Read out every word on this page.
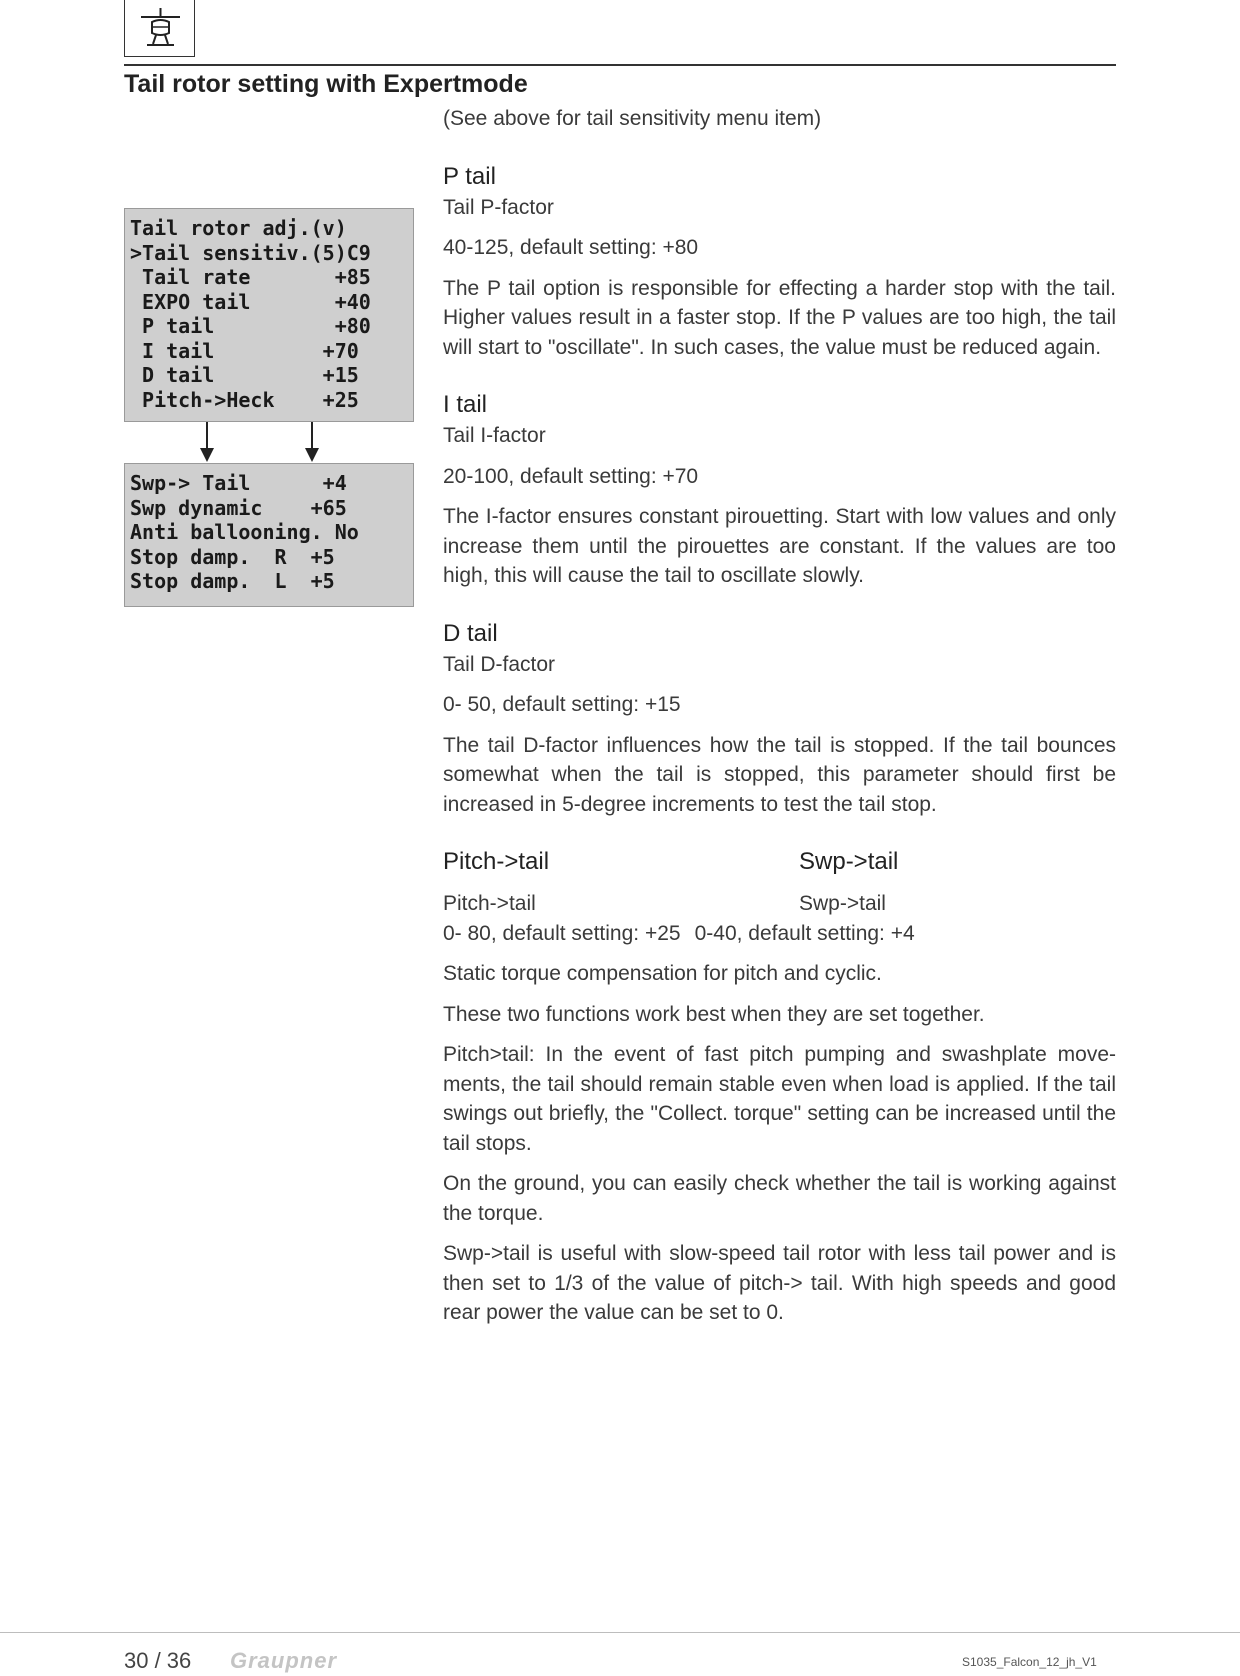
Tail rotor setting with Expertmode
Tail rotor adj.(v)
>Tail sensitiv.(5)C9
Tail rate       +85
EXPO tail       +40
P tail          +80
I tail         +70
D tail         +15
Pitch->Heck    +25
Swp-> Tail      +4
Swp dynamic    +65
Anti ballooning. No
Stop damp.  R  +5
Stop damp.  L  +5

(See above for tail sensitivity menu item)

P tail

Tail P-factor

40-125, default setting: +80

The P tail option is responsible for effecting a harder stop with the tail. Higher values result in a faster stop. If the P values are too high, the tail will start to "oscillate". In such cases, the value must be reduced again.

I tail

Tail I-factor

20-100, default setting: +70

The I-factor ensures constant pirouetting. Start with low values and only increase them until the pirouettes are constant. If the values are too high, this will cause the tail to oscillate slowly.

D tail

Tail D-factor

0- 50, default setting: +15

The tail D-factor influences how the tail is stopped. If the tail bounces somewhat when the tail is stopped, this parameter should first be increased in 5-degree increments to test the tail stop.

Pitch->tail	Swp->tail
Pitch->tail	Swp->tail

0- 80, default setting: +25 0-40, default setting: +4

Static torque compensation for pitch and cyclic.

These two functions work best when they are set together.

Pitch>tail: In the event of fast pitch pumping and swashplate move-ments, the tail should remain stable even when load is applied. If the tail swings out briefly, the "Collect. torque" setting can be increased until the tail stops.

On the ground, you can easily check whether the tail is working against the torque.

Swp->tail is useful with slow-speed tail rotor with less tail power and is then set to 1/3 of the value of pitch-> tail. With high speeds and good rear power the value can be set to 0.

30 / 36 Graupner	S1035_Falcon_12_jh_V1
